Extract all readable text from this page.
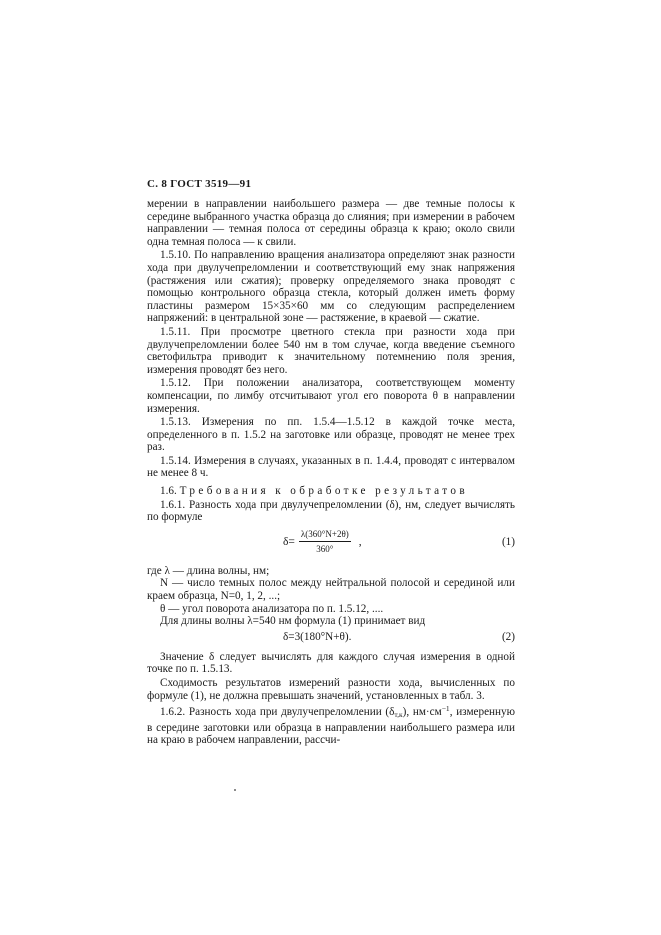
С. 8 ГОСТ 3519—91

мерении в направлении наибольшего размера — две темные полосы к середине выбранного участка образца до слияния; при измерении в рабочем направлении — темная полоса от середины образца к краю; около свили одна темная полоса — к свили.

1.5.10. По направлению вращения анализатора определяют знак разности хода при двулучепреломлении и соответствующий ему знак напряжения (растяжения или сжатия); проверку определяемого знака проводят с помощью контрольного образца стекла, который должен иметь форму пластины размером 15×35×60 мм со следующим распределением напряжений: в центральной зоне — растяжение, в краевой — сжатие.

1.5.11. При просмотре цветного стекла при разности хода при двулучепреломлении более 540 нм в том случае, когда введение съемного светофильтра приводит к значительному потемнению поля зрения, измерения проводят без него.

1.5.12. При положении анализатора, соответствующем моменту компенсации, по лимбу отсчитывают угол его поворота θ в направлении измерения.

1.5.13. Измерения по пп. 1.5.4—1.5.12 в каждой точке места, определенного в п. 1.5.2 на заготовке или образце, проводят не менее трех раз.

1.5.14. Измерения в случаях, указанных в п. 1.4.4, проводят с интервалом не менее 8 ч.

1.6. Требования к обработке результатов

1.6.1. Разность хода при двулучепреломлении (δ), нм, следует вычислять по формуле

$\delta= \frac{\lambda(360^\circ N+2\theta)}{360^\circ}$ ,	(1)

где λ — длина волны, нм;

N — число темных полос между нейтральной полосой и серединой или краем образца, N=0, 1, 2, ...;

θ — угол поворота анализатора по п. 1.5.12, ....

Для длины волны λ=540 нм формула (1) принимает вид

δ=3(180°N+θ).	(2)

Значение δ следует вычислять для каждого случая измерения в одной точке по п. 1.5.13.

Сходимость результатов измерений разности хода, вычисленных по формуле (1), не должна превышать значений, установленных в табл. 3.

1.6.2. Разность хода при двулучепреломлении $(\delta_{т,к})$, $нм\cdot см^{-1}$, измеренную в середине заготовки или образца в направлении наибольшего размера или на краю в рабочем направлении, рассчи-
